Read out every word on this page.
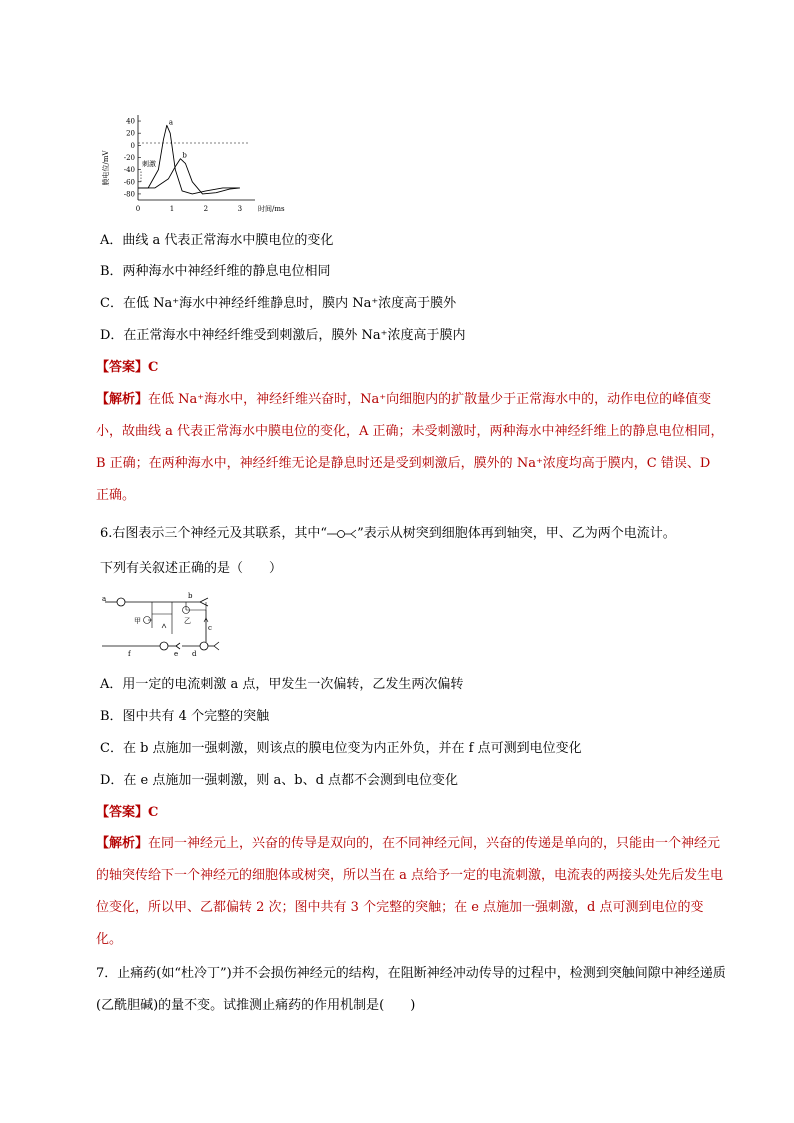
膜电位/mV
40
20
0
-20
-40
-60
-80
0	1	2	3
刺激
时间/ms
a
b
A．曲线 a 代表正常海水中膜电位的变化
B．两种海水中神经纤维的静息电位相同
C．在低 Na⁺海水中神经纤维静息时，膜内 Na⁺浓度高于膜外
D．在正常海水中神经纤维受到刺激后，膜外 Na⁺浓度高于膜内
【答案】C
【解析】在低 Na⁺海水中，神经纤维兴奋时，Na⁺向细胞内的扩散量少于正常海水中的，动作电位的峰值变小，故曲线 a 代表正常海水中膜电位的变化，A 正确；未受刺激时，两种海水中神经纤维上的静息电位相同，B 正确；在两种海水中，神经纤维无论是静息时还是受到刺激后，膜外的 Na⁺浓度均高于膜内，C 错误、D 正确。
6.右图表示三个神经元及其联系，其中“ ”表示从树突到细胞体再到轴突，甲、乙为两个电流计。
下列有关叙述正确的是（　　）
a
甲	乙
b
c
f	e d
A．用一定的电流刺激 a 点，甲发生一次偏转，乙发生两次偏转
B．图中共有 4 个完整的突触
C．在 b 点施加一强刺激，则该点的膜电位变为内正外负，并在 f 点可测到电位变化
D．在 e 点施加一强刺激，则 a、b、d 点都不会测到电位变化
【答案】C
【解析】在同一神经元上，兴奋的传导是双向的，在不同神经元间，兴奋的传递是单向的，只能由一个神经元的轴突传给下一个神经元的细胞体或树突，所以当在 a 点给予一定的电流刺激，电流表的两接头处先后发生电位变化，所以甲、乙都偏转 2 次；图中共有 3 个完整的突触；在 e 点施加一强刺激，d 点可测到电位的变化。
7．止痛药(如“杜冷丁”)并不会损伤神经元的结构，在阻断神经冲动传导的过程中，检测到突触间隙中神经递质(乙酰胆碱)的量不变。试推测止痛药的作用机制是(　　)
